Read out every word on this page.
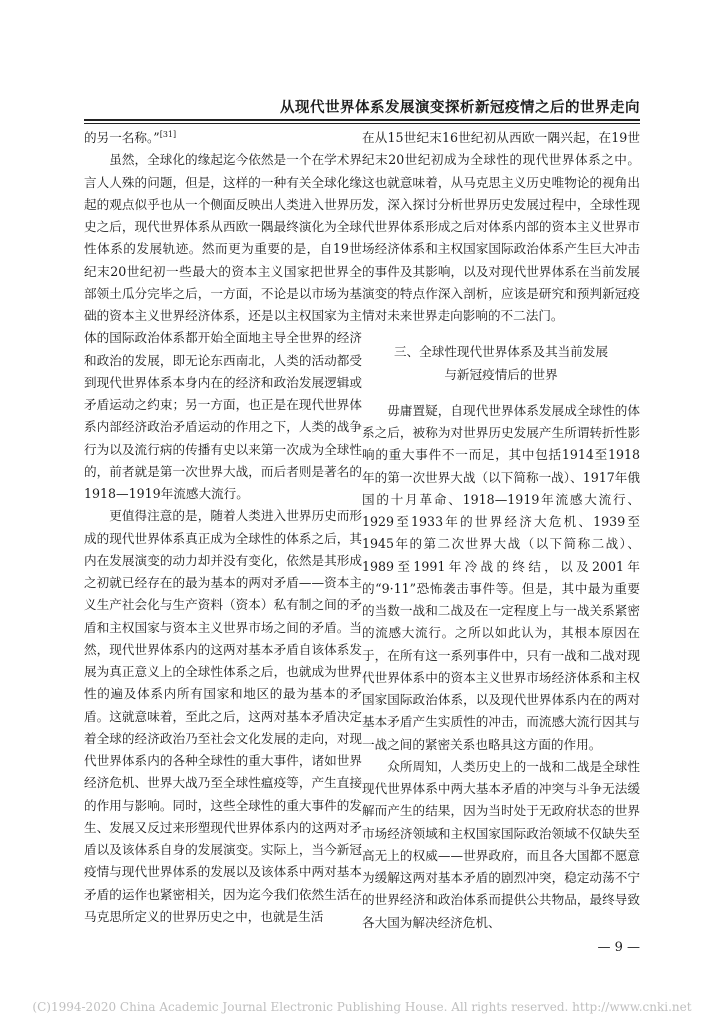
从现代世界体系发展演变探析新冠疫情之后的世界走向

的另一名称。”[31]

虽然，全球化的缘起迄今依然是一个在学术界言人人殊的问题，但是，这样的一种有关全球化缘起的观点似乎也从一个侧面反映出人类进入世界历史之后，现代世界体系从西欧一隅最终演化为全球性体系的发展轨迹。然而更为重要的是，自19世纪末20世纪初一些最大的资本主义国家把世界全部领土瓜分完毕之后，一方面，不论是以市场为基础的资本主义世界经济体系，还是以主权国家为主体的国际政治体系都开始全面地主导全世界的经济和政治的发展，即无论东西南北，人类的活动都受到现代世界体系本身内在的经济和政治发展逻辑或矛盾运动之约束；另一方面，也正是在现代世界体系内部经济政治矛盾运动的作用之下，人类的战争行为以及流行病的传播有史以来第一次成为全球性的，前者就是第一次世界大战，而后者则是著名的1918—1919年流感大流行。

更值得注意的是，随着人类进入世界历史而形成的现代世界体系真正成为全球性的体系之后，其内在发展演变的动力却并没有变化，依然是其形成之初就已经存在的最为基本的两对矛盾——资本主义生产社会化与生产资料（资本）私有制之间的矛盾和主权国家与资本主义世界市场之间的矛盾。当然，现代世界体系内的这两对基本矛盾自该体系发展为真正意义上的全球性体系之后，也就成为世界性的遍及体系内所有国家和地区的最为基本的矛盾。这就意味着，至此之后，这两对基本矛盾决定着全球的经济政治乃至社会文化发展的走向，对现代世界体系内的各种全球性的重大事件，诸如世界经济危机、世界大战乃至全球性瘟疫等，产生直接的作用与影响。同时，这些全球性的重大事件的发生、发展又反过来形塑现代世界体系内的这两对矛盾以及该体系自身的发展演变。实际上，当今新冠疫情与现代世界体系的发展以及该体系中两对基本矛盾的运作也紧密相关，因为迄今我们依然生活在马克思所定义的世界历史之中，也就是生活

在从15世纪末16世纪初从西欧一隅兴起，在19世纪末20世纪初成为全球性的现代世界体系之中。这也就意味着，从马克思主义历史唯物论的视角出发，深入探讨分析世界历史发展过程中，全球性现代世界体系形成之后对体系内部的资本主义世界市场经济体系和主权国家国际政治体系产生巨大冲击的事件及其影响，以及对现代世界体系在当前发展演变的特点作深入剖析，应该是研究和预判新冠疫情对未来世界走向影响的不二法门。

三、全球性现代世界体系及其当前发展
与新冠疫情后的世界

毋庸置疑，自现代世界体系发展成全球性的体系之后，被称为对世界历史发展产生所谓转折性影响的重大事件不一而足，其中包括1914至1918年的第一次世界大战（以下简称一战）、1917年俄国的十月革命、1918—1919年流感大流行、1929至1933年的世界经济大危机、1939至1945年的第二次世界大战（以下简称二战）、1989至1991年冷战的终结，以及2001年的“9·11”恐怖袭击事件等。但是，其中最为重要的当数一战和二战及在一定程度上与一战关系紧密的流感大流行。之所以如此认为，其根本原因在于，在所有这一系列事件中，只有一战和二战对现代世界体系中的资本主义世界市场经济体系和主权国家国际政治体系，以及现代世界体系内在的两对基本矛盾产生实质性的冲击，而流感大流行因其与一战之间的紧密关系也略具这方面的作用。

众所周知，人类历史上的一战和二战是全球性现代世界体系中两大基本矛盾的冲突与斗争无法缓解而产生的结果，因为当时处于无政府状态的世界市场经济领域和主权国家国际政治领域不仅缺失至高无上的权威——世界政府，而且各大国都不愿意为缓解这两对基本矛盾的剧烈冲突，稳定动荡不宁的世界经济和政治体系而提供公共物品，最终导致各大国为解决经济危机、

— 9 —
(C)1994-2020 China Academic Journal Electronic Publishing House. All rights reserved. http://www.cnki.net
